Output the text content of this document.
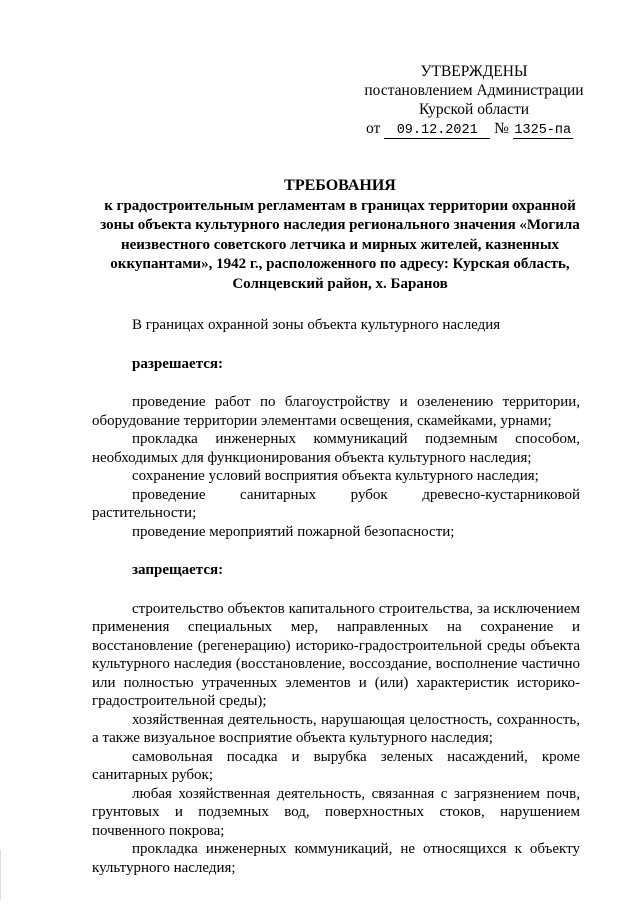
УТВЕРЖДЕНЫ
постановлением Администрации
Курской области
от 09.12.2021 № 1325-па
ТРЕБОВАНИЯ
к градостроительным регламентам в границах территории охранной
зоны объекта культурного наследия регионального значения «Могила
неизвестного советского летчика и мирных жителей, казненных
оккупантами», 1942 г., расположенного по адресу: Курская область,
Солнцевский район, х. Баранов

В границах охранной зоны объекта культурного наследия

разрешается:

проведение работ по благоустройству и озеленению территории, оборудование территории элементами освещения, скамейками, урнами;

прокладка инженерных коммуникаций подземным способом, необходимых для функционирования объекта культурного наследия;

сохранение условий восприятия объекта культурного наследия;

проведение санитарных рубок древесно-кустарниковой растительности;

проведение мероприятий пожарной безопасности;

запрещается:

строительство объектов капитального строительства, за исключением применения специальных мер, направленных на сохранение и восстановление (регенерацию) историко-градостроительной среды объекта культурного наследия (восстановление, воссоздание, восполнение частично или полностью утраченных элементов и (или) характеристик историко-градостроительной среды);

хозяйственная деятельность, нарушающая целостность, сохранность, а также визуальное восприятие объекта культурного наследия;

самовольная посадка и вырубка зеленых насаждений, кроме санитарных рубок;

любая хозяйственная деятельность, связанная с загрязнением почв, грунтовых и подземных вод, поверхностных стоков, нарушением почвенного покрова;

прокладка инженерных коммуникаций, не относящихся к объекту культурного наследия;
